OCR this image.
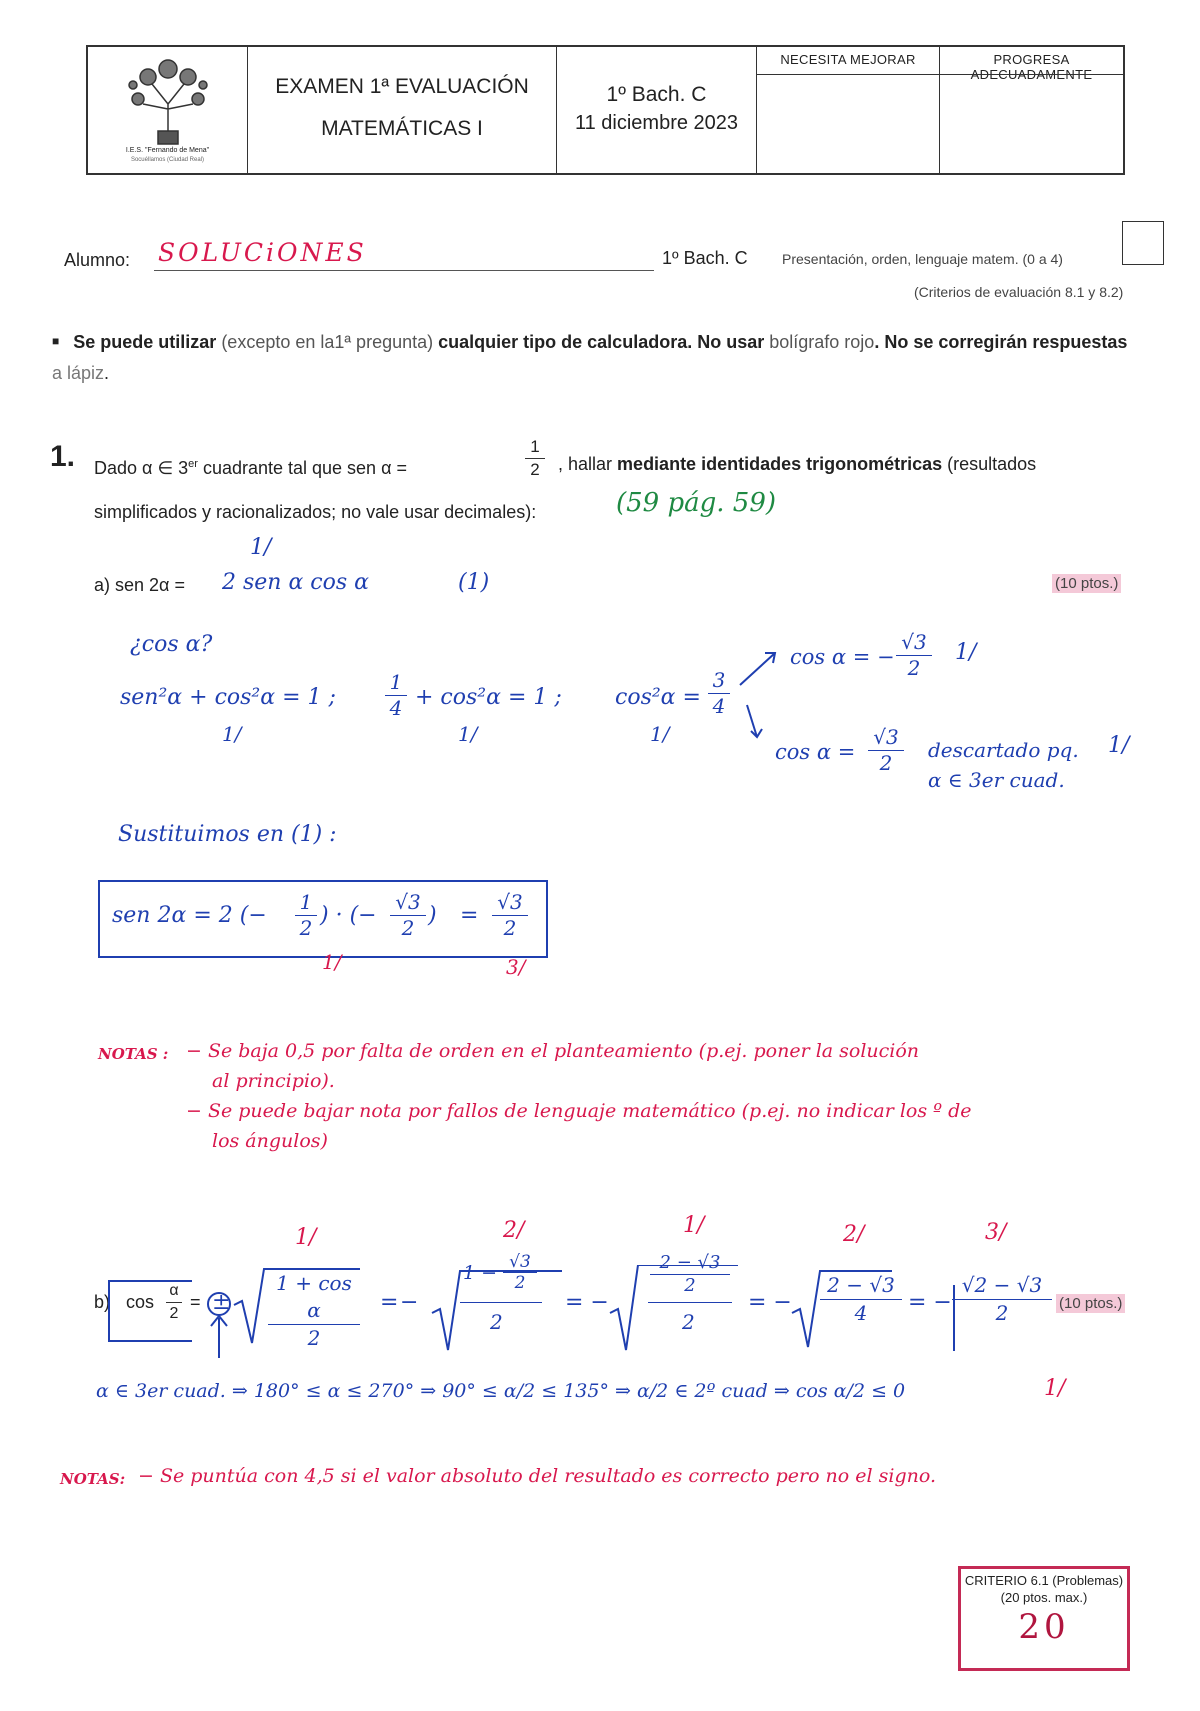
I.E.S. "Fernando de Mena"
Socuéllamos (Ciudad Real)
EXAMEN 1ª EVALUACIÓN
MATEMÁTICAS I
1º Bach. C
11 diciembre 2023
NECESITA MEJORAR	PROGRESA ADECUADAMENTE
Alumno: SOLUCiONES	1º Bach. C Presentación, orden, lenguaje matem. (0 a 4)
(Criterios de evaluación 8.1 y 8.2)
■ Se puede utilizar (excepto en la1ª pregunta) cualquier tipo de calculadora. No usar bolígrafo rojo. No se corregirán respuestas a lápiz.
1. Dado α ∈ 3er cuadrante tal que sen α =
1
2 , hallar mediante identidades trigonométricas (resultados
simplificados y racionalizados; no vale usar decimales):	(59 pág. 59)
1/
a) sen 2α = 2 sen α cos α	(1)	(10 ptos.)
¿cos α?
sen²α + cos²α = 1 ;
1
4 + cos²α = 1 ; cos²α =
3
4
1/	1/	1/
cos α = −
√3
2
1/
cos α =
√3
2
descartado pq.
α ∈ 3er cuad.
1/
Sustituimos en (1) :
sen 2α = 2 (−
1
2 ) · (−
√3
2 ) =
√3
2
1/	3/
NOTAS : − Se baja 0,5 por falta de orden en el planteamiento (p.ej. poner la solución
al principio).
− Se puede bajar nota por fallos de lenguaje matemático (p.ej. no indicar los º de
los ángulos)
1/	2/	1/	2/	3/
b) cos
α
2
= ±
1 + cos α
2
= −
1 − √3
2
2
= −
2 − √3
2
2
= −
2 − √3
4	= −
√2 − √3
2	(10 ptos.)
α ∈ 3er cuad. ⇒ 180° ≤ α ≤ 270° ⇒ 90° ≤ α/2 ≤ 135° ⇒ α/2 ∈ 2º cuad ⇒ cos α/2 ≤ 0	1/
NOTAS: − Se puntúa con 4,5 si el valor absoluto del resultado es correcto pero no el signo.
CRITERIO 6.1 (Problemas)
(20 ptos. max.)
20
